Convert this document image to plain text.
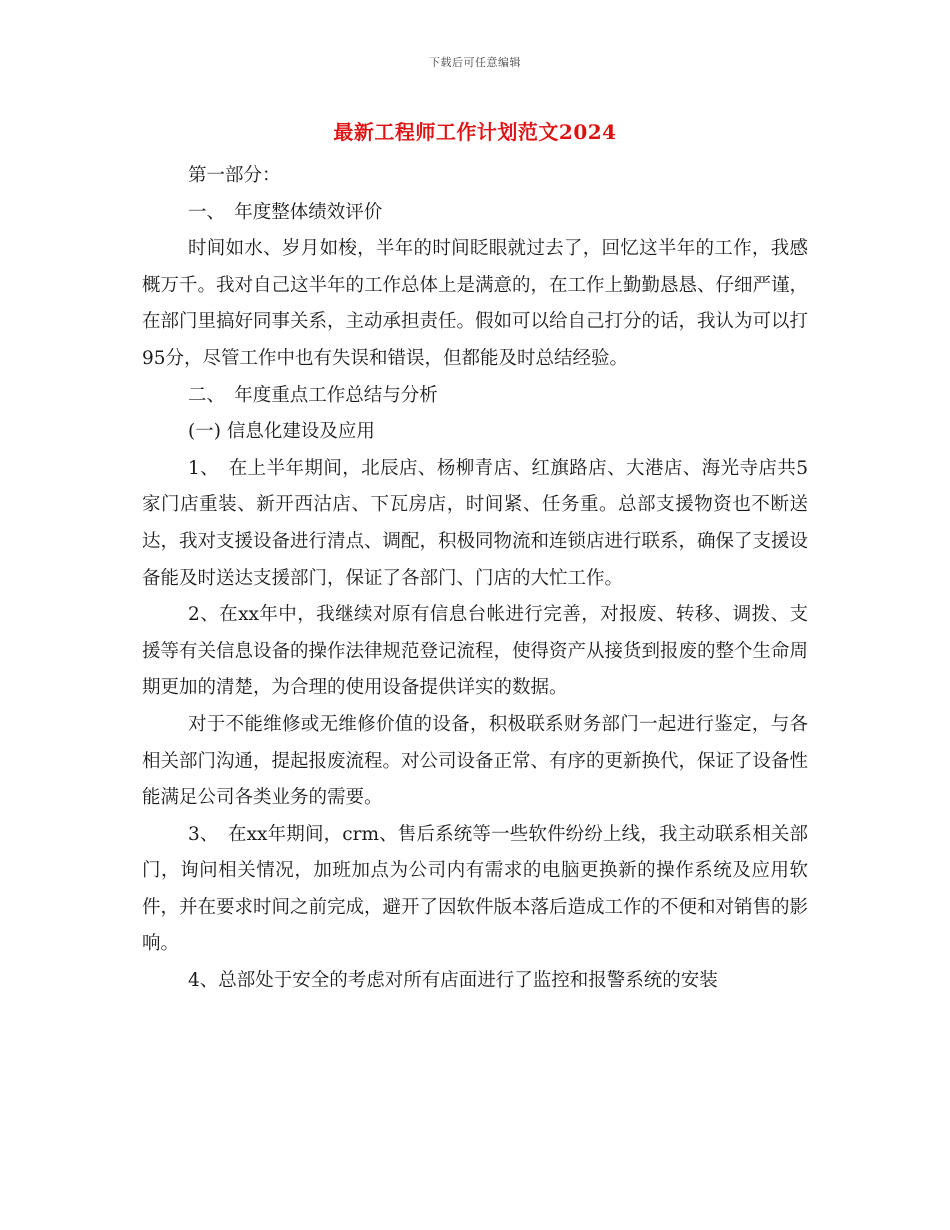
下载后可任意编辑
最新工程师工作计划范文2024

第一部分：

一、　年度整体绩效评价

时间如水、岁月如梭，半年的时间眨眼就过去了，回忆这半年的工作，我感概万千。我对自己这半年的工作总体上是满意的，在工作上勤勤恳恳、仔细严谨，在部门里搞好同事关系，主动承担责任。假如可以给自己打分的话，我认为可以打95分，尽管工作中也有失误和错误，但都能及时总结经验。

二、　年度重点工作总结与分析

(一) 信息化建设及应用

1、　在上半年期间，北辰店、杨柳青店、红旗路店、大港店、海光寺店共5家门店重装、新开西沽店、下瓦房店，时间紧、任务重。总部支援物资也不断送达，我对支援设备进行清点、调配，积极同物流和连锁店进行联系，确保了支援设备能及时送达支援部门，保证了各部门、门店的大忙工作。

2、在xx年中，我继续对原有信息台帐进行完善，对报废、转移、调拨、支援等有关信息设备的操作法律规范登记流程，使得资产从接货到报废的整个生命周期更加的清楚，为合理的使用设备提供详实的数据。

对于不能维修或无维修价值的设备，积极联系财务部门一起进行鉴定，与各相关部门沟通，提起报废流程。对公司设备正常、有序的更新换代，保证了设备性能满足公司各类业务的需要。

3、　在xx年期间，crm、售后系统等一些软件纷纷上线，我主动联系相关部门，询问相关情况，加班加点为公司内有需求的电脑更换新的操作系统及应用软件，并在要求时间之前完成，避开了因软件版本落后造成工作的不便和对销售的影响。

4、总部处于安全的考虑对所有店面进行了监控和报警系统的安装
